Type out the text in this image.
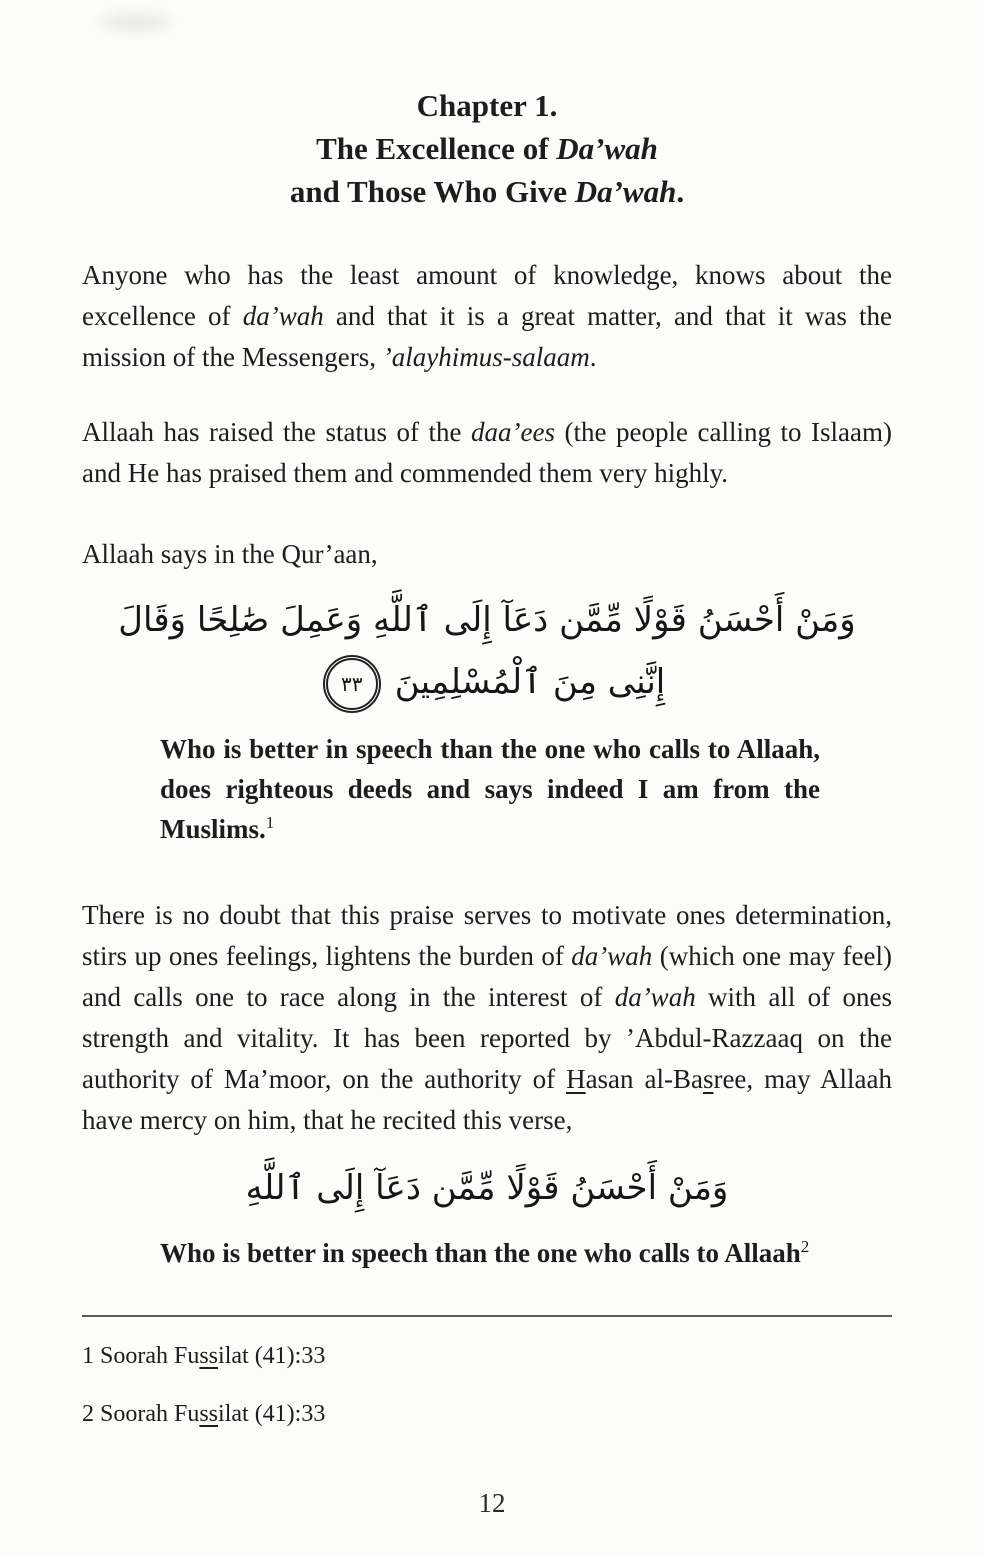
Chapter 1.
The Excellence of Da’wah
and Those Who Give Da’wah.

Anyone who has the least amount of knowledge, knows about the excellence of da’wah and that it is a great matter, and that it was the mission of the Messengers, ’alayhimus-salaam.

Allaah has raised the status of the daa’ees (the people calling to Islaam) and He has praised them and commended them very highly.

Allaah says in the Qur’aan,

وَمَنْ أَحْسَنُ قَوْلًا مِّمَّن دَعَآ إِلَى ٱللَّهِ وَعَمِلَ صَٰلِحًا وَقَالَ
إِنَّنِى مِنَ ٱلْمُسْلِمِينَ٣٣

Who is better in speech than the one who calls to Allaah, does righteous deeds and says indeed I am from the Muslims.$^1$

There is no doubt that this praise serves to motivate ones determination, stirs up ones feelings, lightens the burden of da’wah (which one may feel) and calls one to race along in the interest of da’wah with all of ones strength and vitality. It has been reported by ’Abdul-Razzaaq on the authority of Ma’moor, on the authority of Hasan al-Basree, may Allaah have mercy on him, that he recited this verse,

وَمَنْ أَحْسَنُ قَوْلًا مِّمَّن دَعَآ إِلَى ٱللَّهِ

Who is better in speech than the one who calls to Allaah$^2$

1 Soorah Fussilat (41):33

2 Soorah Fussilat (41):33

12
